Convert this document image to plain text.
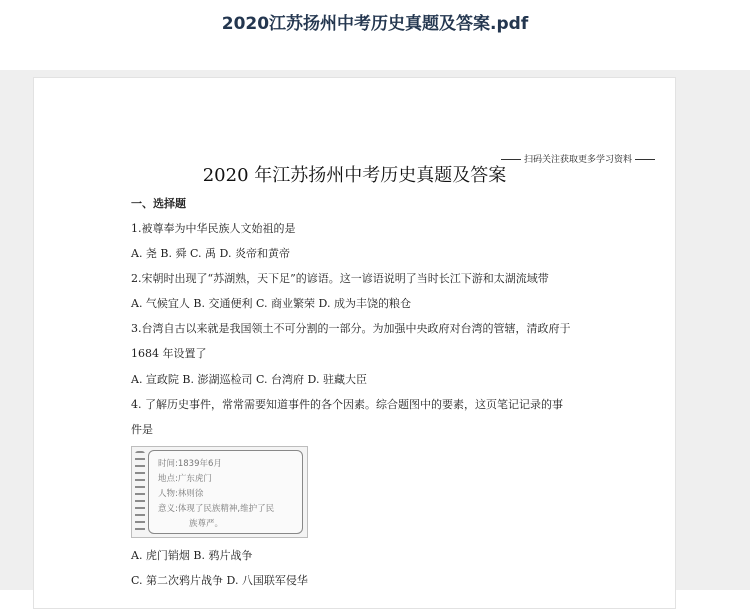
2020江苏扬州中考历史真题及答案.pdf
扫码关注获取更多学习资料
2020 年江苏扬州中考历史真题及答案
一、选择题
1.被尊奉为中华民族人文始祖的是
A. 尧 B. 舜 C. 禹 D. 炎帝和黄帝
2.宋朝时出现了“苏湖熟，天下足”的谚语。这一谚语说明了当时长江下游和太湖流域带
A. 气候宜人 B. 交通便利 C. 商业繁荣 D. 成为丰饶的粮仓
3.台湾自古以来就是我国领土不可分割的一部分。为加强中央政府对台湾的管辖，清政府于
1684 年设置了
A. 宣政院 B. 澎湖巡检司 C. 台湾府 D. 驻藏大臣
4. 了解历史事件，常常需要知道事件的各个因素。综合题图中的要素，这页笔记记录的事
件是
时间:1839年6月
地点:广东虎门
人物:林则徐
意义:体现了民族精神,维护了民
族尊严。
A. 虎门销烟 B. 鸦片战争
C. 第二次鸦片战争 D. 八国联军侵华
